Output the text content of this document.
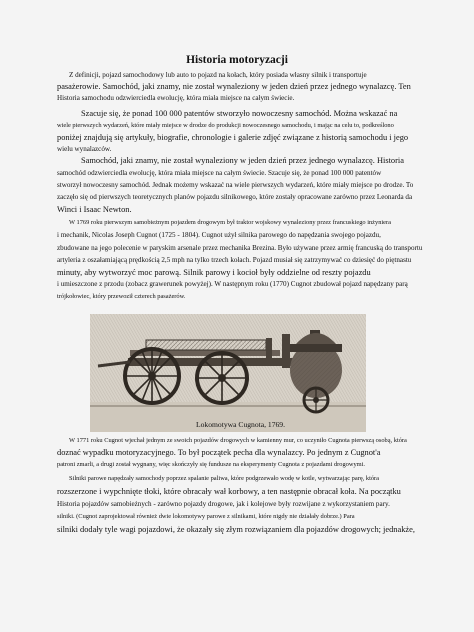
Historia motoryzacji
Z definicji, pojazd samochodowy lub auto to pojazd na kołach, który posiada własny silnik i transportuje
pasażerowie. Samochód, jaki znamy, nie został wynaleziony w jeden dzień przez jednego wynalazcę. Ten
Historia samochodu odzwierciedla ewolucję, która miała miejsce na całym świecie.
Szacuje się, że ponad 100 000 patentów stworzyło nowoczesny samochód. Można wskazać na
wiele pierwszych wydarzeń, które miały miejsce w drodze do produkcji nowoczesnego samochodu, i mając na celu to, podkreślono
poniżej znajdują się artykuły, biografie, chronologie i galerie zdjęć związane z historią samochodu i jego
wielu wynalazców.
Samochód, jaki znamy, nie został wynaleziony w jeden dzień przez jednego wynalazcę. Historia
samochód odzwierciedla ewolucję, która miała miejsce na całym świecie. Szacuje się, że ponad 100 000 patentów
stworzył nowoczesny samochód. Jednak możemy wskazać na wiele pierwszych wydarzeń, które miały miejsce po drodze. To
zaczęło się od pierwszych teoretycznych planów pojazdu silnikowego, które zostały opracowane zarówno przez Leonarda da
Winci i Isaac Newton.
W 1769 roku pierwszym samobieżnym pojazdem drogowym był traktor wojskowy wynaleziony przez francuskiego inżyniera
i mechanik, Nicolas Joseph Cugnot (1725 - 1804). Cugnot użył silnika parowego do napędzania swojego pojazdu,
zbudowane na jego polecenie w paryskim arsenale przez mechanika Brezina. Było używane przez armię francuską do transportu
artyleria z oszałamiającą prędkością 2,5 mph na tylko trzech kołach. Pojazd musiał się zatrzymywać co dziesięć do piętnastu
minuty, aby wytworzyć moc parową. Silnik parowy i kocioł były oddzielne od reszty pojazdu
i umieszczone z przodu (zobacz grawerunek powyżej). W następnym roku (1770) Cugnot zbudował pojazd napędzany parą
trójkołowiec, który przewoził czterech pasażerów.
Lokomotywa Cugnota, 1769.
W 1771 roku Cugnot wjechał jednym ze swoich pojazdów drogowych w kamienny mur, co uczyniło Cugnota pierwszą osobą, która
doznać wypadku motoryzacyjnego. To był początek pecha dla wynalazcy. Po jednym z Cugnot'a
patroni zmarli, a drugi został wygnany, więc skończyły się fundusze na eksperymenty Cugnota z pojazdami drogowymi.
Silniki parowe napędzały samochody poprzez spalanie paliwa, które podgrzewało wodę w kotle, wytwarzając parę, która
rozszerzone i wypchnięte tłoki, które obracały wał korbowy, a ten następnie obracał koła. Na początku
Historia pojazdów samobieżnych - zarówno pojazdy drogowe, jak i kolejowe były rozwijane z wykorzystaniem pary.
silniki. (Cugnot zaprojektował również dwie lokomotywy parowe z silnikami, które nigdy nie działały dobrze.) Para
silniki dodały tyle wagi pojazdowi, że okazały się złym rozwiązaniem dla pojazdów drogowych; jednakże,
